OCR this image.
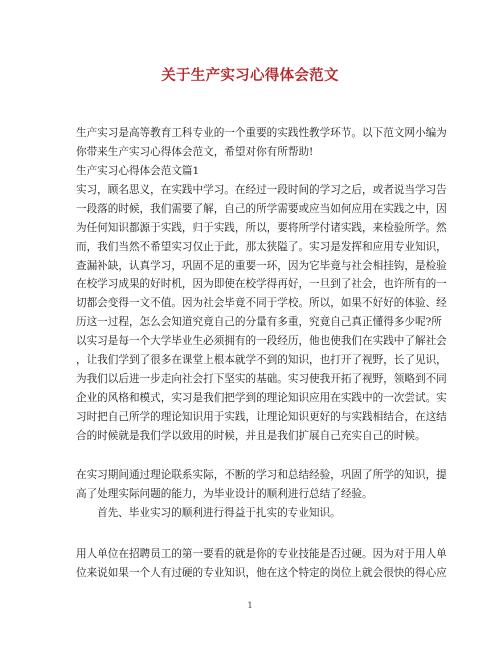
关于生产实习心得体会范文
生产实习是高等教育工科专业的一个重要的实践性教学环节。以下范文网小编为
你带来生产实习心得体会范文，希望对你有所帮助!
生产实习心得体会范文篇1
实习，顾名思义，在实践中学习。在经过一段时间的学习之后，或者说当学习告
一段落的时候，我们需要了解，自己的所学需要或应当如何应用在实践之中，因
为任何知识都源于实践，归于实践，所以，要将所学付诸实践，来检验所学。然
而，我们当然不希望实习仅止于此，那太狭隘了。实习是发挥和应用专业知识，
查漏补缺，认真学习，巩固不足的重要一环，因为它毕竟与社会相挂钩，是检验
在校学习成果的好时机，因为即使在校学得再好，一旦到了社会，也许所有的一
切都会变得一文不值。因为社会毕竟不同于学校。所以，如果不好好的体验、经
历这一过程，怎么会知道究竟自己的分量有多重，究竟自己真正懂得多少呢?所
以实习是每一个大学毕业生必须拥有的一段经历，他也使我们在实践中了解社会
，让我们学到了很多在课堂上根本就学不到的知识，也打开了视野，长了见识，
为我们以后进一步走向社会打下坚实的基础。实习使我开拓了视野，领略到不同
企业的风格和模式，实习是我们把学到的理论知识应用在实践中的一次尝试。实
习时把自己所学的理论知识用于实践，让理论知识更好的与实践相结合，在这结
合的时候就是我们学以致用的时候，并且是我们扩展自己充实自己的时候。
在实习期间通过理论联系实际，不断的学习和总结经验，巩固了所学的知识，提
高了处理实际问题的能力，为毕业设计的顺利进行总结了经验。
首先、毕业实习的顺利进行得益于扎实的专业知识。
用人单位在招聘员工的第一要看的就是你的专业技能是否过硬。因为对于用人单
位来说如果一个人有过硬的专业知识，他在这个特定的岗位上就会很快的得心应
1
